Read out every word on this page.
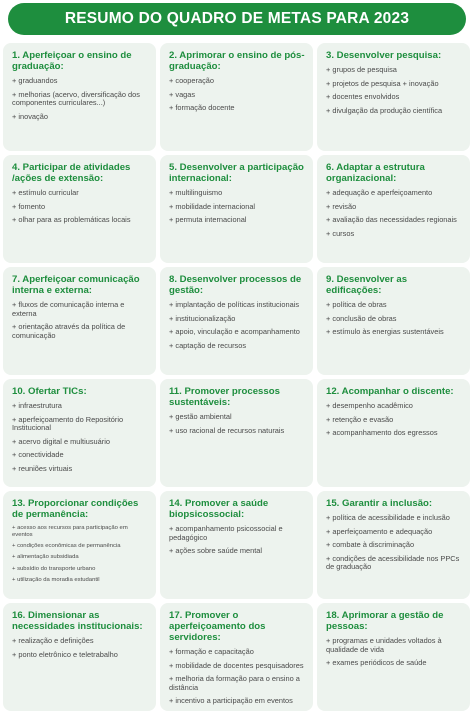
RESUMO DO QUADRO DE METAS PARA 2023
1. Aperfeiçoar o ensino de graduação:
+ graduandos
+ melhorias (acervo, diversificação dos componentes curriculares...)
+ inovação
2. Aprimorar o ensino de pós-graduação:
+ cooperação
+ vagas
+ formação docente
3. Desenvolver pesquisa:
+ grupos de pesquisa
+ projetos de pesquisa + inovação
+ docentes envolvidos
+ divulgação da produção científica
4. Participar de atividades /ações de extensão:
+ estímulo curricular
+ fomento
+ olhar para as problemáticas locais
5. Desenvolver a participação internacional:
+ multilinguismo
+ mobilidade internacional
+ permuta internacional
6. Adaptar a estrutura organizacional:
+ adequação e aperfeiçoamento
+ revisão
+ avaliação das necessidades regionais
+ cursos
7. Aperfeiçoar comunicação interna e externa:
+ fluxos de comunicação interna e externa
+ orientação através da política de comunicação
8. Desenvolver processos de gestão:
+ implantação de políticas institucionais
+ institucionalização
+ apoio, vinculação e acompanhamento
+ captação de recursos
9. Desenvolver as edificações:
+ política de obras
+ conclusão de obras
+ estímulo às energias sustentáveis
10. Ofertar TICs:
+ infraestrutura
+ aperfeiçoamento do Repositório Institucional
+ acervo digital e multiusuário
+ conectividade
+ reuniões virtuais
11. Promover processos sustentáveis:
+ gestão ambiental
+ uso racional de recursos naturais
12. Acompanhar o discente:
+ desempenho acadêmico
+ retenção e evasão
+ acompanhamento dos egressos
13. Proporcionar condições de permanência:
+ acesso aos recursos para participação em eventos
+ condições econômicas de permanência
+ alimentação subsidiada
+ subsídio do transporte urbano
+ utilização da moradia estudantil
14. Promover a saúde biopsicossocial:
+ acompanhamento psicossocial e pedagógico
+ ações sobre saúde mental
15. Garantir a inclusão:
+ política de acessibilidade e inclusão
+ aperfeiçoamento e adequação
+ combate à discriminação
+ condições de acessibilidade nos PPCs de graduação
16. Dimensionar as necessidades institucionais:
+ realização e definições
+ ponto eletrônico e teletrabalho
17. Promover o aperfeiçoamento dos servidores:
+ formação e capacitação
+ mobilidade de docentes pesquisadores
+ melhoria da formação para o ensino a distância
+ incentivo a participação em eventos
18. Aprimorar a gestão de pessoas:
+ programas e unidades voltados à qualidade de vida
+ exames periódicos de saúde
